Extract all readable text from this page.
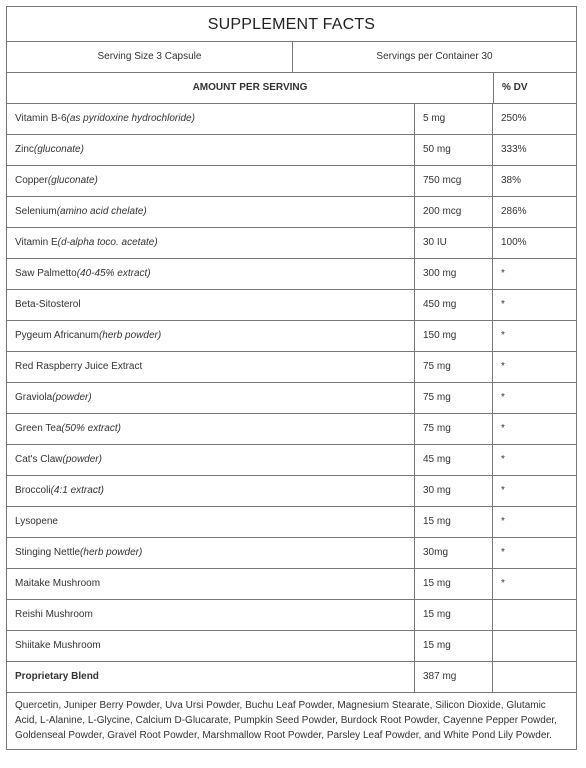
SUPPLEMENT FACTS
Serving Size 3 Capsule	Servings per Container 30
AMOUNT PER SERVING	% DV
Vitamin B-6(as pyridoxine hydrochloride)	5 mg	250%
Zinc(gluconate)	50 mg	333%
Copper(gluconate)	750 mcg	38%
Selenium(amino acid chelate)	200 mcg	286%
Vitamin E(d-alpha toco. acetate)	30 IU	100%
Saw Palmetto(40-45% extract)	300 mg	*
Beta-Sitosterol	450 mg	*
Pygeum Africanum(herb powder)	150 mg	*
Red Raspberry Juice Extract	75 mg	*
Graviola(powder)	75 mg	*
Green Tea(50% extract)	75 mg	*
Cat's Claw(powder)	45 mg	*
Broccoli(4:1 extract)	30 mg	*
Lysopene	15 mg	*
Stinging Nettle(herb powder)	30mg	*
Maitake Mushroom	15 mg	*
Reishi Mushroom	15 mg
Shiitake Mushroom	15 mg
Proprietary Blend	387 mg
Quercetin, Juniper Berry Powder, Uva Ursi Powder, Buchu Leaf Powder, Magnesium Stearate, Silicon Dioxide, Glutamic Acid, L-Alanine, L-Glycine, Calcium D-Glucarate, Pumpkin Seed Powder, Burdock Root Powder, Cayenne Pepper Powder, Goldenseal Powder, Gravel Root Powder, Marshmallow Root Powder, Parsley Leaf Powder, and White Pond Lily Powder.
